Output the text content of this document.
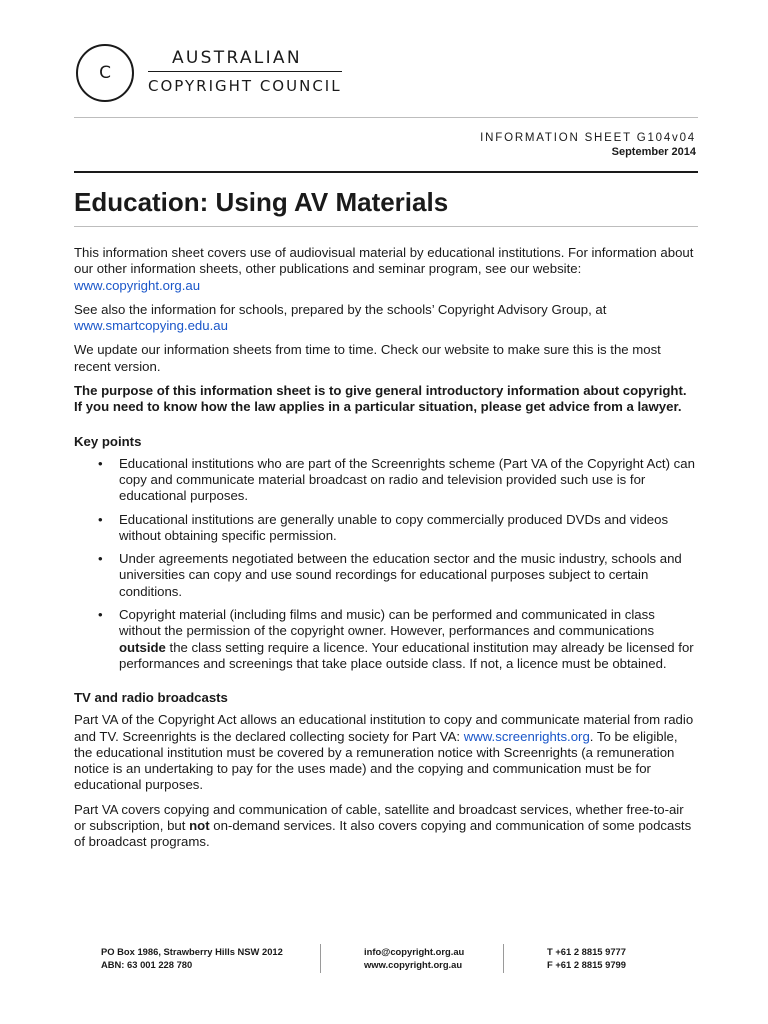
C
AUSTRALIAN
COPYRIGHT COUNCIL
INFORMATION SHEET G104v04
September 2014
Education: Using AV Materials

This information sheet covers use of audiovisual material by educational institutions. For information about our other information sheets, other publications and seminar program, see our website: www.copyright.org.au

See also the information for schools, prepared by the schools’ Copyright Advisory Group, at www.smartcopying.edu.au

We update our information sheets from time to time. Check our website to make sure this is the most recent version.

The purpose of this information sheet is to give general introductory information about copyright. If you need to know how the law applies in a particular situation, please get advice from a lawyer.

Key points
• Educational institutions who are part of the Screenrights scheme (Part VA of the Copyright Act) can copy and communicate material broadcast on radio and television provided such use is for educational purposes.
• Educational institutions are generally unable to copy commercially produced DVDs and videos without obtaining specific permission.
• Under agreements negotiated between the education sector and the music industry, schools and universities can copy and use sound recordings for educational purposes subject to certain conditions.
• Copyright material (including films and music) can be performed and communicated in class without the permission of the copyright owner. However, performances and communications outside the class setting require a licence. Your educational institution may already be licensed for performances and screenings that take place outside class. If not, a licence must be obtained.
TV and radio broadcasts

Part VA of the Copyright Act allows an educational institution to copy and communicate material from radio and TV. Screenrights is the declared collecting society for Part VA: www.screenrights.org. To be eligible, the educational institution must be covered by a remuneration notice with Screenrights (a remuneration notice is an undertaking to pay for the uses made) and the copying and communication must be for educational purposes.

Part VA covers copying and communication of cable, satellite and broadcast services, whether free-to-air or subscription, but not on-demand services. It also covers copying and communication of some podcasts of broadcast programs.

PO Box 1986, Strawberry Hills NSW 2012
ABN: 63 001 228 780
info@copyright.org.au
www.copyright.org.au
T +61 2 8815 9777
F +61 2 8815 9799
